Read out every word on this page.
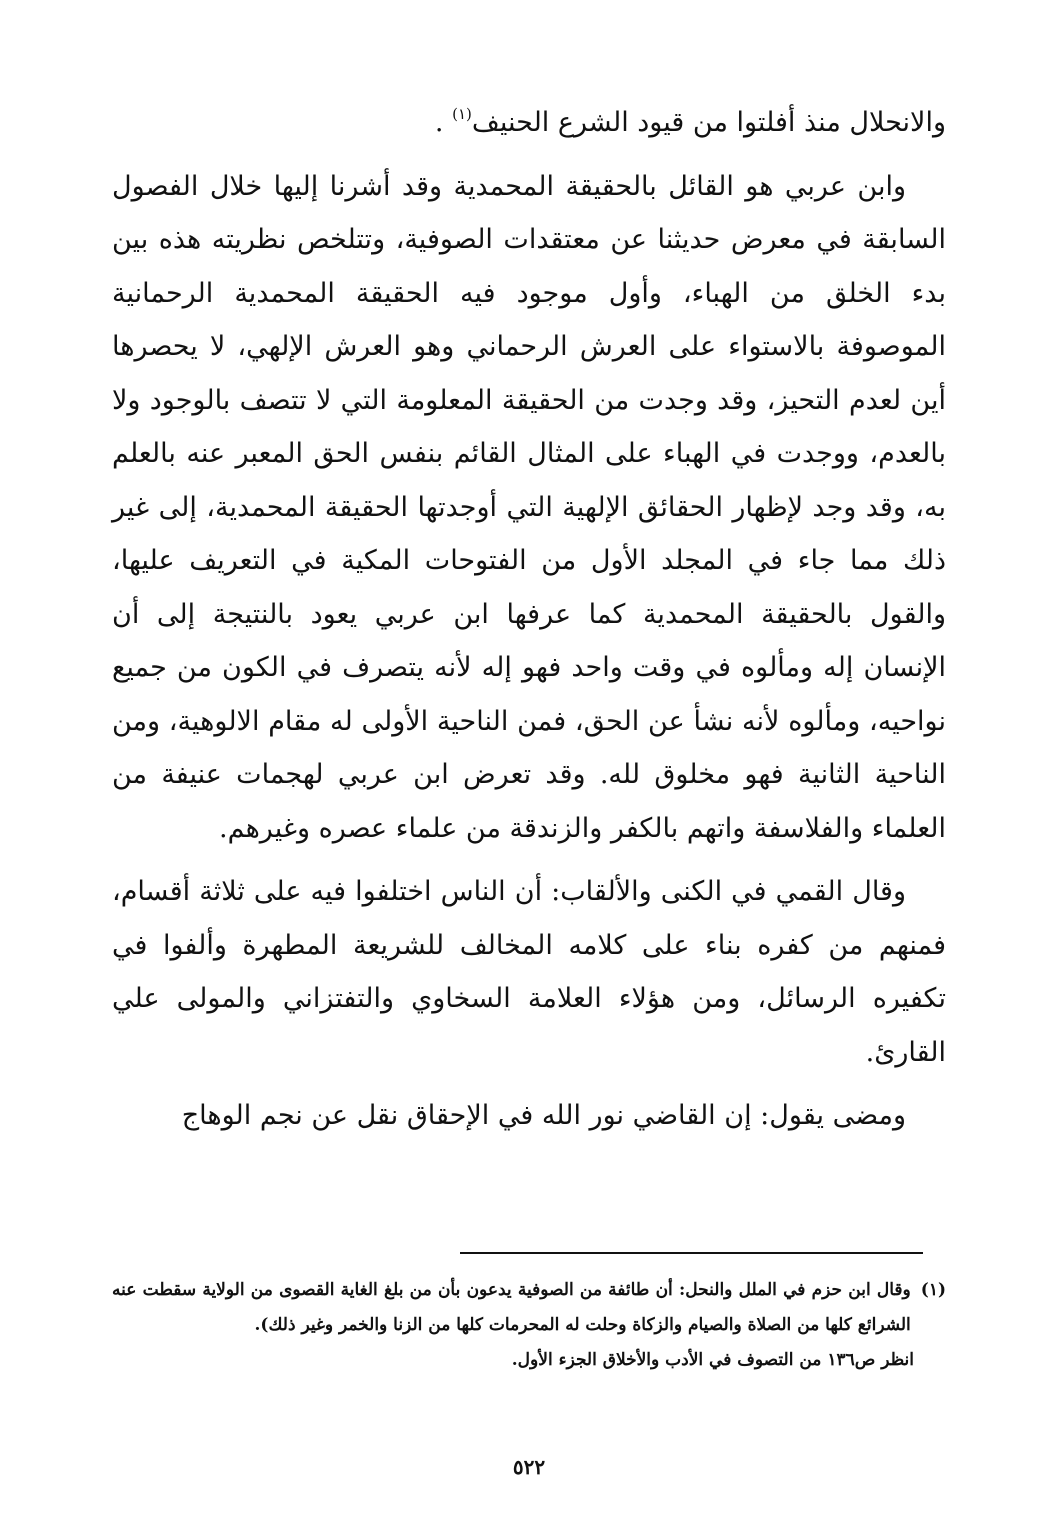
والانحلال منذ أفلتوا من قيود الشرع الحنيف$^{(١)}$ .

وابن عربي هو القائل بالحقيقة المحمدية وقد أشرنا إليها خلال الفصول السابقة في معرض حديثنا عن معتقدات الصوفية، وتتلخص نظريته هذه بين بدء الخلق من الهباء، وأول موجود فيه الحقيقة المحمدية الرحمانية الموصوفة بالاستواء على العرش الرحماني وهو العرش الإلهي، لا يحصرها أين لعدم التحيز، وقد وجدت من الحقيقة المعلومة التي لا تتصف بالوجود ولا بالعدم، ووجدت في الهباء على المثال القائم بنفس الحق المعبر عنه بالعلم به، وقد وجد لإظهار الحقائق الإلهية التي أوجدتها الحقيقة المحمدية، إلى غير ذلك مما جاء في المجلد الأول من الفتوحات المكية في التعريف عليها، والقول بالحقيقة المحمدية كما عرفها ابن عربي يعود بالنتيجة إلى أن الإنسان إله ومألوه في وقت واحد فهو إله لأنه يتصرف في الكون من جميع نواحيه، ومألوه لأنه نشأ عن الحق، فمن الناحية الأولى له مقام الالوهية، ومن الناحية الثانية فهو مخلوق لله. وقد تعرض ابن عربي لهجمات عنيفة من العلماء والفلاسفة واتهم بالكفر والزندقة من علماء عصره وغيرهم.

وقال القمي في الكنى والألقاب: أن الناس اختلفوا فيه على ثلاثة أقسام، فمنهم من كفره بناء على كلامه المخالف للشريعة المطهرة وألفوا في تكفيره الرسائل، ومن هؤلاء العلامة السخاوي والتفتزاني والمولى علي القارئ.

ومضى يقول: إن القاضي نور الله في الإحقاق نقل عن نجم الوهاج

(١)
وقال ابن حزم في الملل والنحل: أن طائفة من الصوفية يدعون بأن من بلغ الغاية القصوى من الولاية سقطت عنه الشرائع كلها من الصلاة والصيام والزكاة وحلت له المحرمات كلها من الزنا والخمر وغير ذلك).
انظر ص١٣٦ من التصوف في الأدب والأخلاق الجزء الأول.
٥٢٢
